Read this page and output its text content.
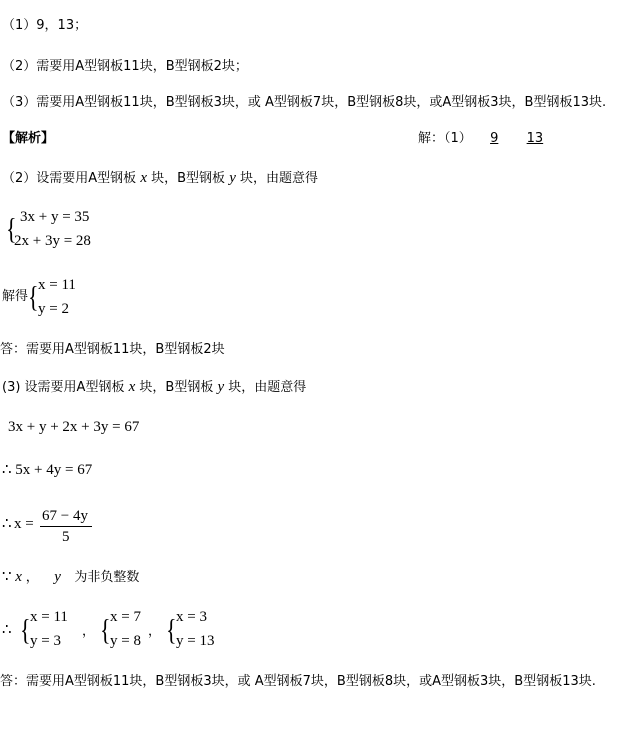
（1）9，13；
（2）需要用A型钢板11块，B型钢板2块；
（3）需要用A型钢板11块，B型钢板3块，或 A型钢板7块，B型钢板8块，或A型钢板3块，B型钢板13块.
【解析】	解：（1） 9 13
（2）设需要用A型钢板 x 块，B型钢板 y 块，由题意得
{ 3x + y = 35
2x + 3y = 28
解得 { x = 11
y = 2
答：需要用A型钢板11块，B型钢板2块
(3) 设需要用A型钢板 x 块，B型钢板 y 块，由题意得
3x + y + 2x + 3y = 67
∴ 5x + 4y = 67
∴ x = 67 − 4y
5
∵ x ， y 为非负整数
∴ { x = 11
y = 3
， { x = 7
y = 8
， { x = 3
y = 13
答：需要用A型钢板11块，B型钢板3块，或 A型钢板7块，B型钢板8块，或A型钢板3块，B型钢板13块.
